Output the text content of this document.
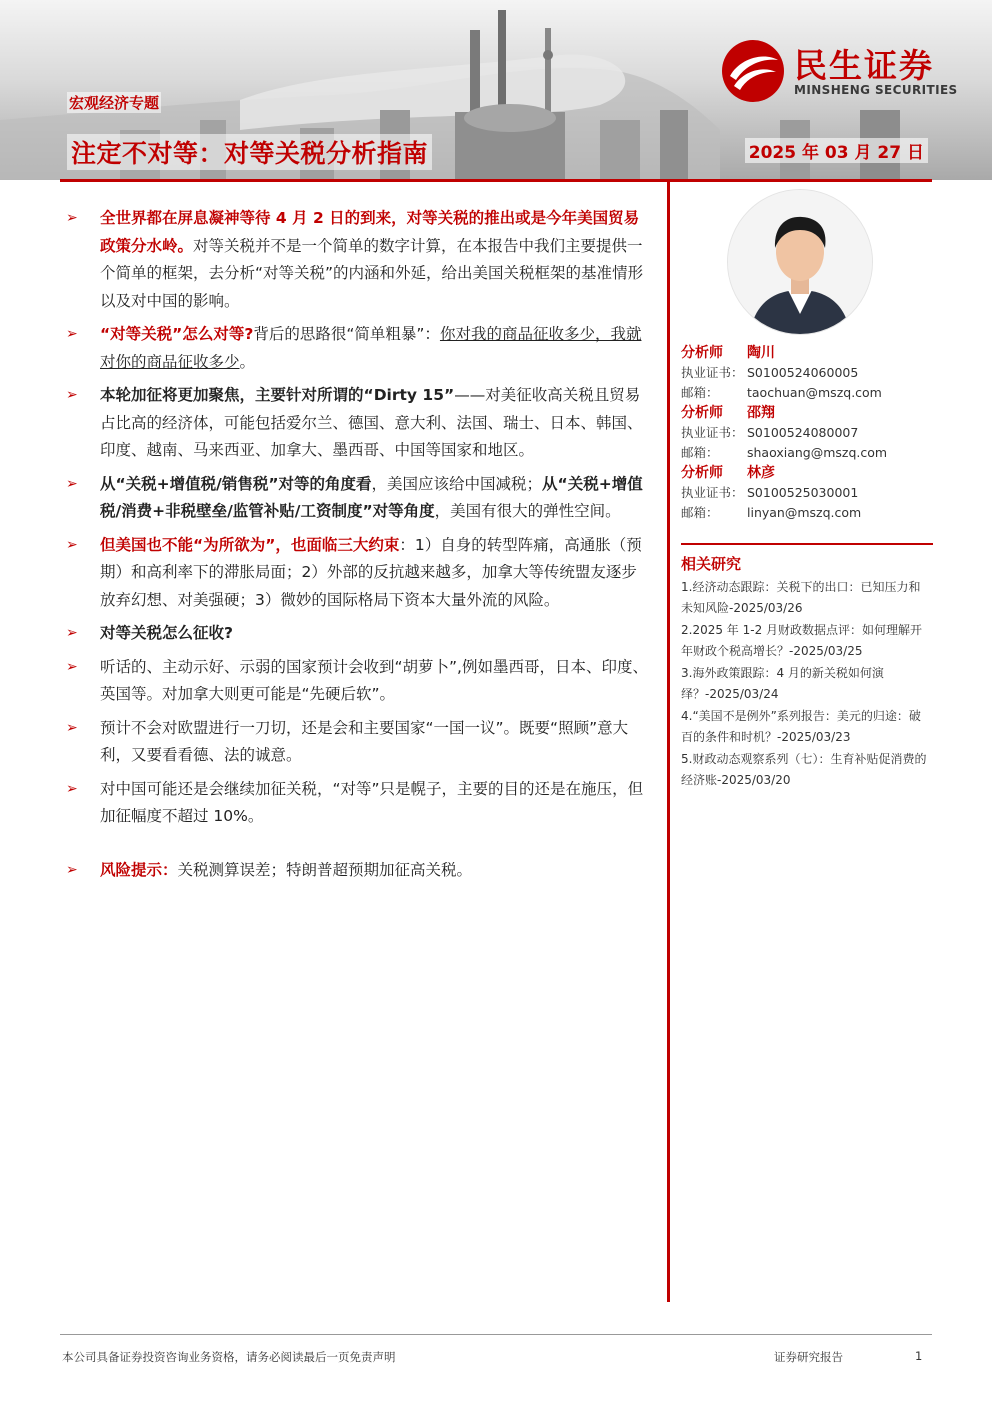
宏观经济专题
注定不对等：对等关税分析指南	2025 年 03 月 27 日
民生证券
MINSHENG SECURITIES
➢ 全世界都在屏息凝神等待 4 月 2 日的到来，对等关税的推出或是今年美国贸易政策分水岭。对等关税并不是一个简单的数字计算，在本报告中我们主要提供一个简单的框架，去分析“对等关税”的内涵和外延，给出美国关税框架的基准情形以及对中国的影响。
➢ “对等关税”怎么对等?背后的思路很“简单粗暴”：你对我的商品征收多少，我就对你的商品征收多少。
➢ 本轮加征将更加聚焦，主要针对所谓的“Dirty 15”——对美征收高关税且贸易占比高的经济体，可能包括爱尔兰、德国、意大利、法国、瑞士、日本、韩国、印度、越南、马来西亚、加拿大、墨西哥、中国等国家和地区。
➢ 从“关税+增值税/销售税”对等的角度看，美国应该给中国减税；从“关税+增值税/消费+非税壁垒/监管补贴/工资制度”对等角度，美国有很大的弹性空间。
➢ 但美国也不能“为所欲为”，也面临三大约束：1）自身的转型阵痛，高通胀（预期）和高利率下的滞胀局面；2）外部的反抗越来越多，加拿大等传统盟友逐步放弃幻想、对美强硬；3）微妙的国际格局下资本大量外流的风险。
➢ 对等关税怎么征收?
➢ 听话的、主动示好、示弱的国家预计会收到“胡萝卜”,例如墨西哥，日本、印度、英国等。对加拿大则更可能是“先硬后软”。
➢ 预计不会对欧盟进行一刀切，还是会和主要国家“一国一议”。既要“照顾”意大利，又要看看德、法的诚意。
➢ 对中国可能还是会继续加征关税，“对等”只是幌子，主要的目的还是在施压，但加征幅度不超过 10%。
➢ 风险提示：关税测算误差；特朗普超预期加征高关税。
分析师	陶川
执业证书： S0100524060005
邮箱：	taochuan@mszq.com
分析师	邵翔
执业证书： S0100524080007
邮箱：	shaoxiang@mszq.com
分析师	林彦
执业证书： S0100525030001
邮箱：	linyan@mszq.com
相关研究
1.经济动态跟踪：关税下的出口：已知压力和未知风险-2025/03/26
2.2025 年 1-2 月财政数据点评：如何理解开年财政个税高增长？-2025/03/25
3.海外政策跟踪：4 月的新关税如何演绎？-2025/03/24
4.“美国不是例外”系列报告：美元的归途：破百的条件和时机？-2025/03/23
5.财政动态观察系列（七）：生育补贴促消费的经济账-2025/03/20
本公司具备证券投资咨询业务资格，请务必阅读最后一页免责声明	证券研究报告	1
